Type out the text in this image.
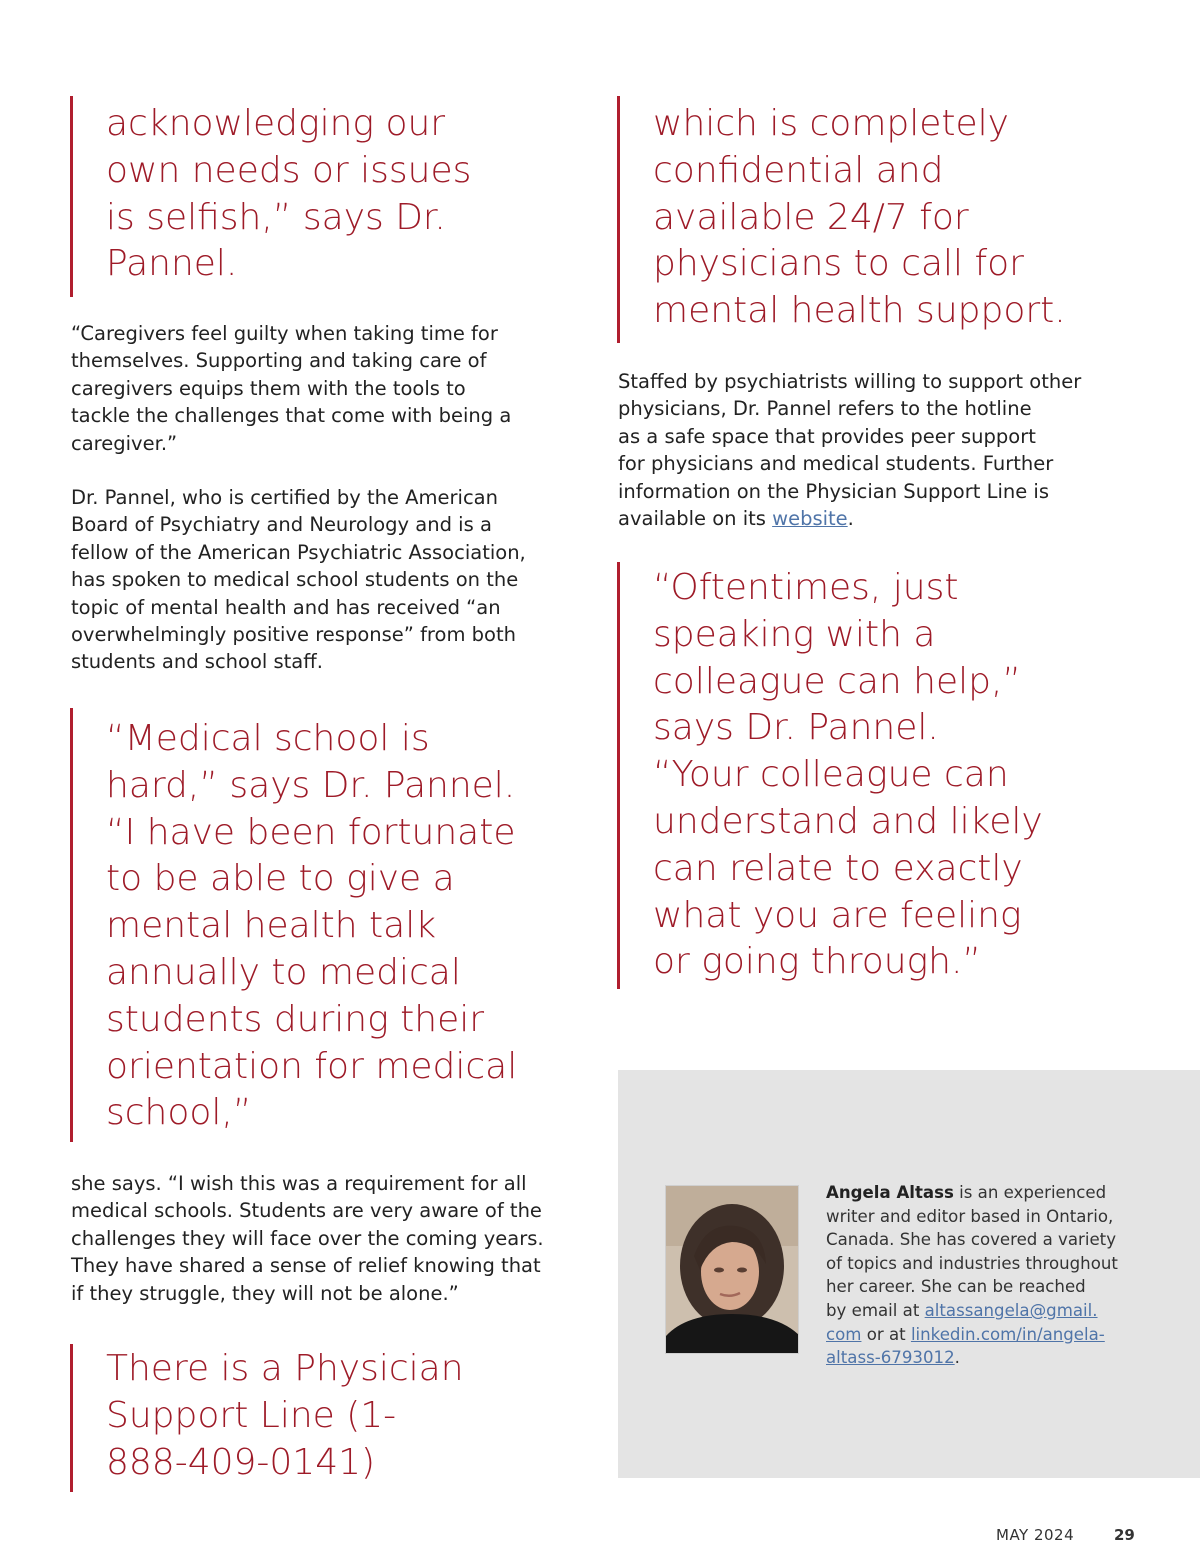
acknowledging our
own needs or issues
is selfish,” says Dr.
Pannel.
“Caregivers feel guilty when taking time for
themselves. Supporting and taking care of
caregivers equips them with the tools to
tackle the challenges that come with being a
caregiver.”
Dr. Pannel, who is certified by the American
Board of Psychiatry and Neurology and is a
fellow of the American Psychiatric Association,
has spoken to medical school students on the
topic of mental health and has received “an
overwhelmingly positive response” from both
students and school staff.
“Medical school is
hard,” says Dr. Pannel.
“I have been fortunate
to be able to give a
mental health talk
annually to medical
students during their
orientation for medical
school,”
she says. “I wish this was a requirement for all
medical schools. Students are very aware of the
challenges they will face over the coming years.
They have shared a sense of relief knowing that
if they struggle, they will not be alone.”
There is a Physician
Support Line (1-
888-409-0141)
which is completely
confidential and
available 24/7 for
physicians to call for
mental health support.
Staffed by psychiatrists willing to support other
physicians, Dr. Pannel refers to the hotline
as a safe space that provides peer support
for physicians and medical students. Further
information on the Physician Support Line is
available on its website.
“Oftentimes, just
speaking with a
colleague can help,”
says Dr. Pannel.
“Your colleague can
understand and likely
can relate to exactly
what you are feeling
or going through.”
Angela Altass is an experienced
writer and editor based in Ontario,
Canada. She has covered a variety
of topics and industries throughout
her career. She can be reached
by email at altassangela@gmail.
com or at linkedin.com/in/angela-
altass-6793012.
MAY 2024	29
